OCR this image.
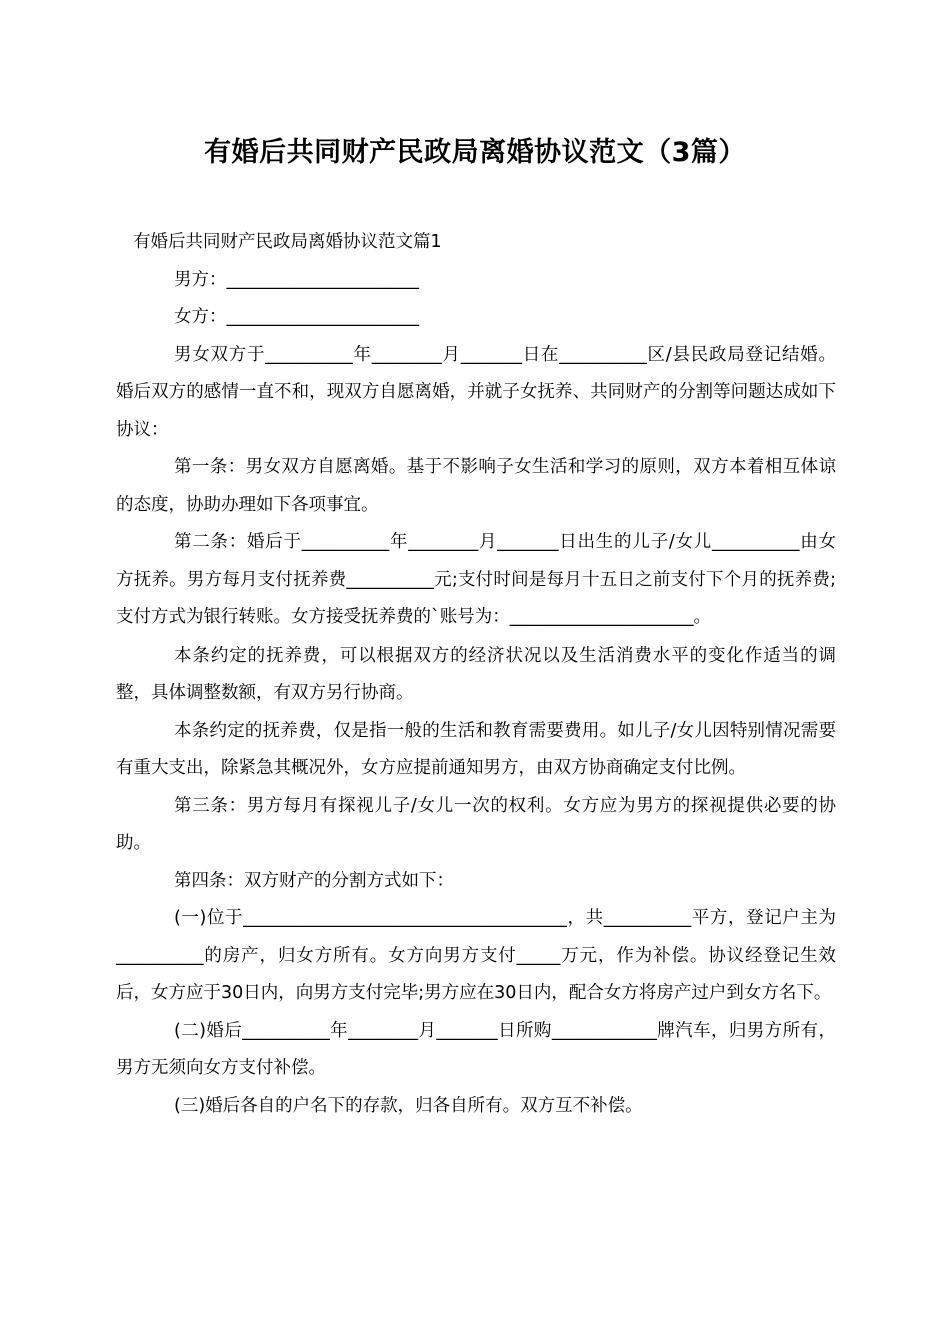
有婚后共同财产民政局离婚协议范文（3篇）

有婚后共同财产民政局离婚协议范文篇1

男方：______________________

女方：______________________

男女双方于__________年________月_______日在__________区/县民政局登记结婚。婚后双方的感情一直不和，现双方自愿离婚，并就子女抚养、共同财产的分割等问题达成如下协议：

第一条：男女双方自愿离婚。基于不影响子女生活和学习的原则，双方本着相互体谅的态度，协助办理如下各项事宜。

第二条：婚后于__________年________月_______日出生的儿子/女儿__________由女方抚养。男方每月支付抚养费__________元;支付时间是每月十五日之前支付下个月的抚养费;支付方式为银行转账。女方接受抚养费的`账号为：_____________________。

本条约定的抚养费，可以根据双方的经济状况以及生活消费水平的变化作适当的调整，具体调整数额，有双方另行协商。

本条约定的抚养费，仅是指一般的生活和教育需要费用。如儿子/女儿因特别情况需要有重大支出，除紧急其概况外，女方应提前通知男方，由双方协商确定支付比例。

第三条：男方每月有探视儿子/女儿一次的权利。女方应为男方的探视提供必要的协助。

第四条：双方财产的分割方式如下：

(一)位于_____________________________________，共__________平方，登记户主为__________的房产，归女方所有。女方向男方支付_____万元，作为补偿。协议经登记生效后，女方应于30日内，向男方支付完毕;男方应在30日内，配合女方将房产过户到女方名下。

(二)婚后__________年________月_______日所购____________牌汽车，归男方所有，男方无须向女方支付补偿。

(三)婚后各自的户名下的存款，归各自所有。双方互不补偿。
